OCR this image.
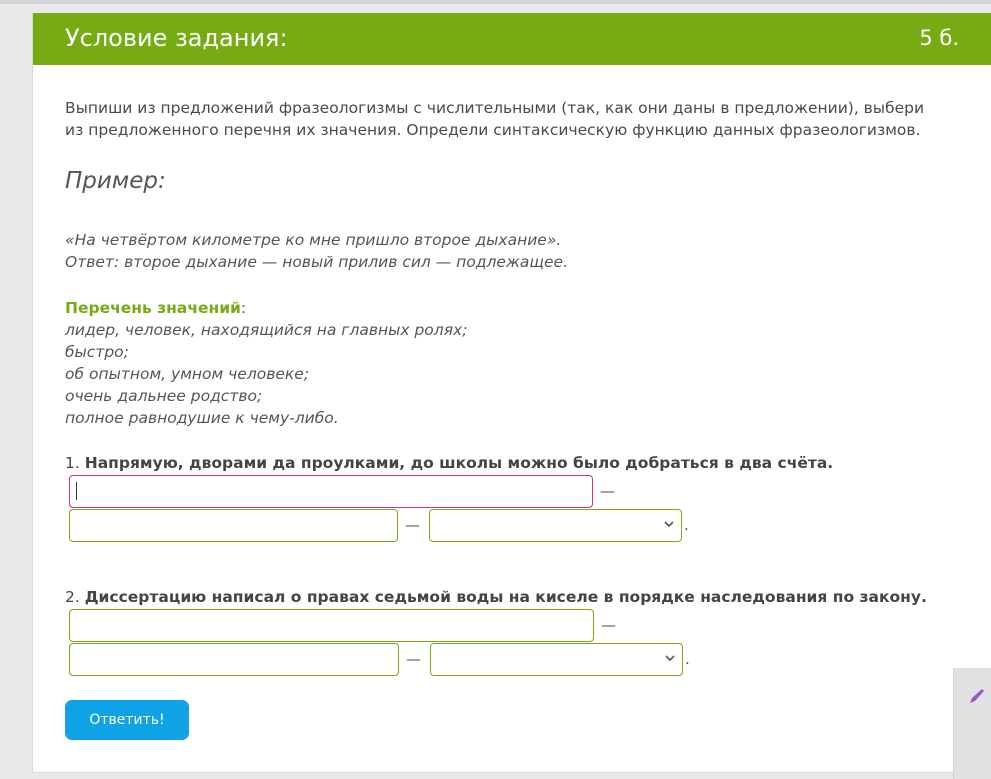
Условие задания:	5 б.

Выпиши из предложений фразеологизмы с числительными (так, как они даны в предложении), выбери из предложенного перечня их значения. Определи синтаксическую функцию данных фразеологизмов.

Пример:
«На четвёртом километре ко мне пришло второе дыхание».
Ответ: второе дыхание — новый прилив сил — подлежащее.
Перечень значений:
лидер, человек, находящийся на главных ролях;
быстро;
об опытном, умном человеке;
очень дальнее родство;
полное равнодушие к чему-либо.
1. Напрямую, дворами да проулками, до школы можно было добраться в два счёта.
—
—	.
2. Диссертацию написал о правах седьмой воды на киселе в порядке наследования по закону.
—
—	.
Ответить!
